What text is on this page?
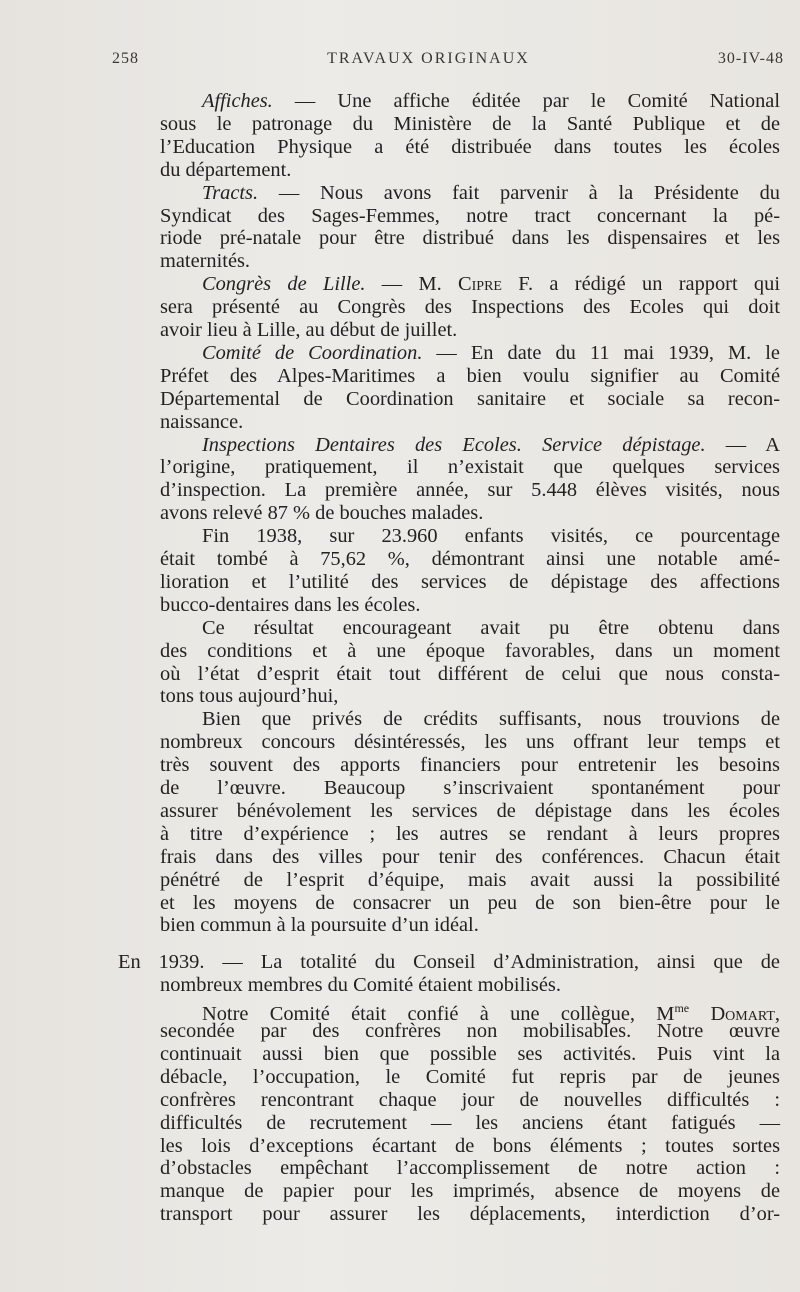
258	TRAVAUX ORIGINAUX	30-IV-48
Affiches. — Une affiche éditée par le Comité National
sous le patronage du Ministère de la Santé Publique et de
l’Education Physique a été distribuée dans toutes les écoles
du département.
Tracts. — Nous avons fait parvenir à la Présidente du
Syndicat des Sages-Femmes, notre tract concernant la pé-
riode pré-natale pour être distribué dans les dispensaires et les
maternités.
Congrès de Lille. — M. Cipre F. a rédigé un rapport qui
sera présenté au Congrès des Inspections des Ecoles qui doit
avoir lieu à Lille, au début de juillet.
Comité de Coordination. — En date du 11 mai 1939, M. le
Préfet des Alpes-Maritimes a bien voulu signifier au Comité
Départemental de Coordination sanitaire et sociale sa recon-
naissance.
Inspections Dentaires des Ecoles. Service dépistage. — A
l’origine, pratiquement, il n’existait que quelques services
d’inspection. La première année, sur 5.448 élèves visités, nous
avons relevé 87 % de bouches malades.
Fin 1938, sur 23.960 enfants visités, ce pourcentage
était tombé à 75,62 %, démontrant ainsi une notable amé-
lioration et l’utilité des services de dépistage des affections
bucco-dentaires dans les écoles.
Ce résultat encourageant avait pu être obtenu dans
des conditions et à une époque favorables, dans un moment
où l’état d’esprit était tout différent de celui que nous consta-
tons tous aujourd’hui,
Bien que privés de crédits suffisants, nous trouvions de
nombreux concours désintéressés, les uns offrant leur temps et
très souvent des apports financiers pour entretenir les besoins
de l’œuvre. Beaucoup s’inscrivaient spontanément pour
assurer bénévolement les services de dépistage dans les écoles
à titre d’expérience ; les autres se rendant à leurs propres
frais dans des villes pour tenir des conférences. Chacun était
pénétré de l’esprit d’équipe, mais avait aussi la possibilité
et les moyens de consacrer un peu de son bien-être pour le
bien commun à la poursuite d’un idéal.
En 1939. — La totalité du Conseil d’Administration, ainsi que de
nombreux membres du Comité étaient mobilisés.
Notre Comité était confié à une collègue, $M^{me}$ Domart,
secondée par des confrères non mobilisables. Notre œuvre
continuait aussi bien que possible ses activités. Puis vint la
débacle, l’occupation, le Comité fut repris par de jeunes
confrères rencontrant chaque jour de nouvelles difficultés :
difficultés de recrutement — les anciens étant fatigués —
les lois d’exceptions écartant de bons éléments ; toutes sortes
d’obstacles empêchant l’accomplissement de notre action :
manque de papier pour les imprimés, absence de moyens de
transport pour assurer les déplacements, interdiction d’or-
